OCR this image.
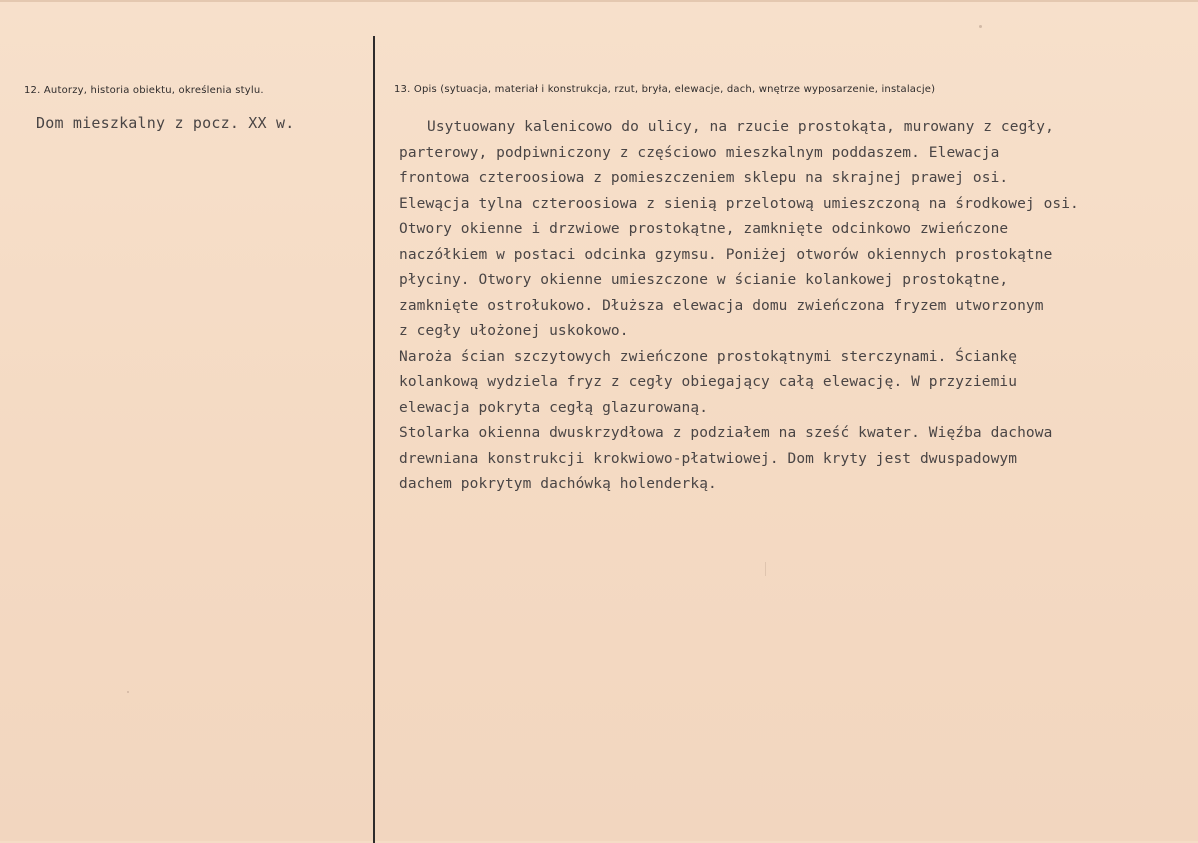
12. Autorzy, historia obiektu, określenia stylu.
Dom mieszkalny z pocz. XX w.
13. Opis (sytuacja, materiał i konstrukcja, rzut, bryła, elewacje, dach, wnętrze wyposarzenie, instalacje)
Usytuowany kalenicowo do ulicy, na rzucie prostokąta, murowany z cegły,
parterowy, podpiwniczony z częściowo mieszkalnym poddaszem. Elewacja
frontowa czteroosiowa z pomieszczeniem sklepu na skrajnej prawej osi.
Elewącja tylna czteroosiowa z sienią przelotową umieszczoną na środkowej osi.
Otwory okienne i drzwiowe prostokątne, zamknięte odcinkowo zwieńczone
naczółkiem w postaci odcinka gzymsu. Poniżej otworów okiennych prostokątne
płyciny. Otwory okienne umieszczone w ścianie kolankowej prostokątne,
zamknięte ostrołukowo. Dłuższa elewacja domu zwieńczona fryzem utworzonym
z cegły ułożonej uskokowo.
Naroża ścian szczytowych zwieńczone prostokątnymi sterczynami. Ściankę
kolankową wydziela fryz z cegły obiegający całą elewację. W przyziemiu
elewacja pokryta cegłą glazurowaną.
Stolarka okienna dwuskrzydłowa z podziałem na sześć kwater. Więźba dachowa
drewniana konstrukcji krokwiowo-płatwiowej. Dom kryty jest dwuspadowym
dachem pokrytym dachówką holenderką.
